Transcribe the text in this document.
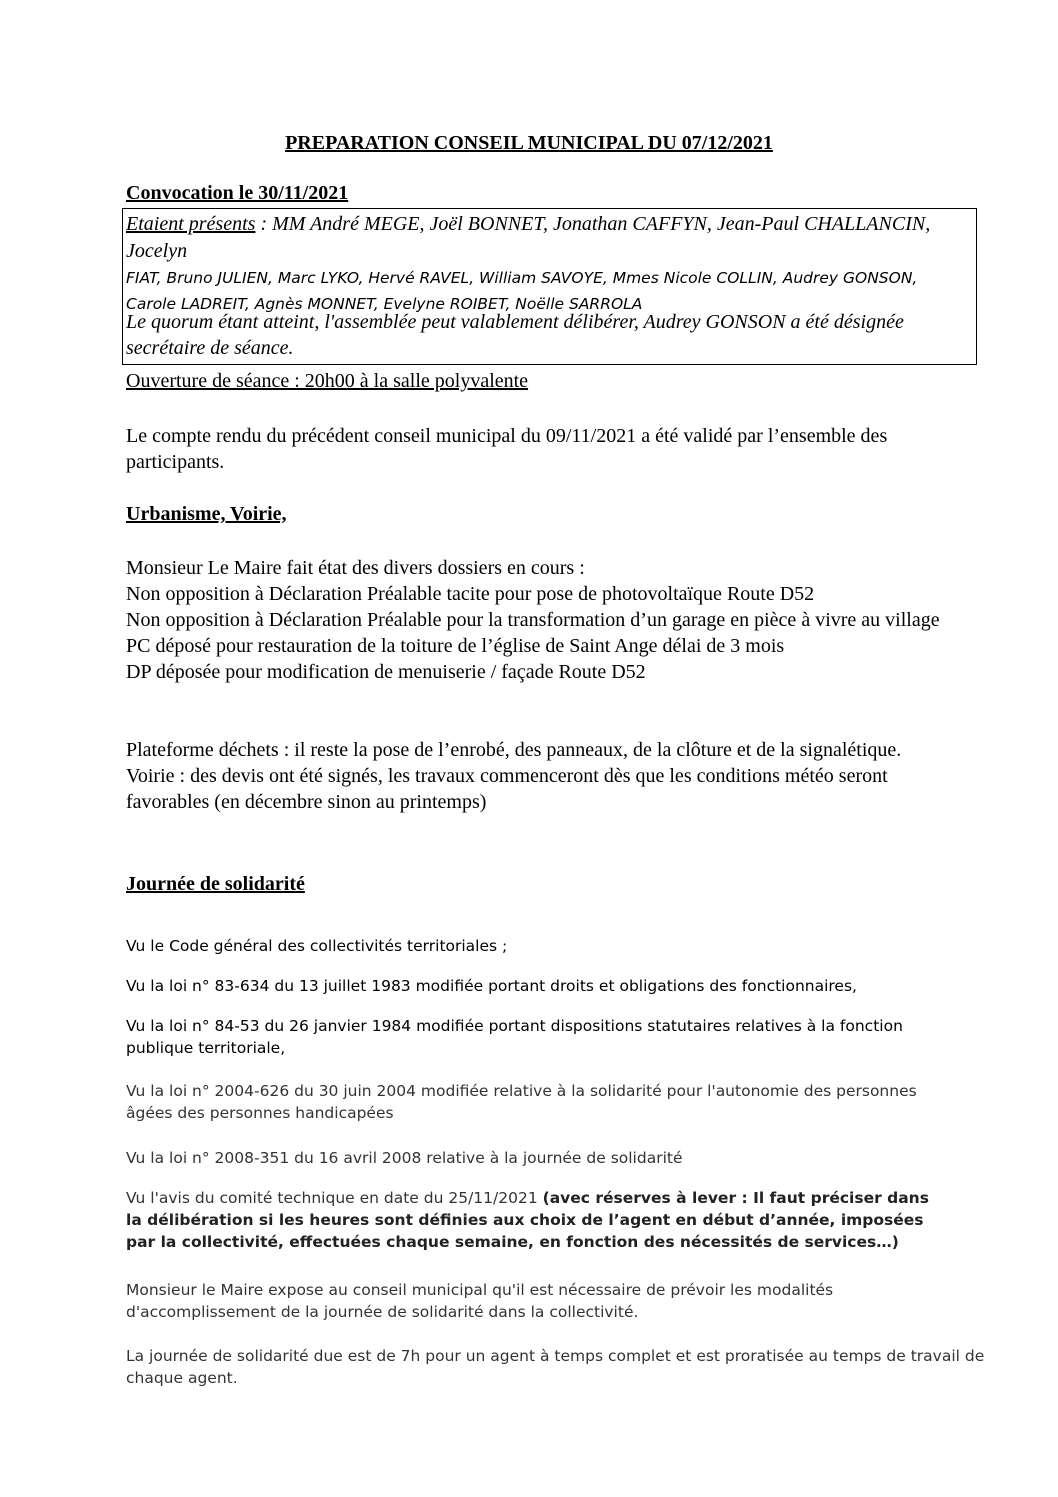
PREPARATION CONSEIL MUNICIPAL DU 07/12/2021
Convocation le 30/11/2021
Etaient présents : MM André MEGE, Joël BONNET, Jonathan CAFFYN, Jean-Paul CHALLANCIN, Jocelyn
FIAT, Bruno JULIEN, Marc LYKO, Hervé RAVEL, William SAVOYE, Mmes Nicole COLLIN, Audrey GONSON,
Carole LADREIT, Agnès MONNET, Evelyne ROIBET, Noëlle SARROLA
Le quorum étant atteint, l'assemblée peut valablement délibérer, Audrey GONSON a été désignée secrétaire de séance.
Ouverture de séance : 20h00 à la salle polyvalente
Le compte rendu du précédent conseil municipal du 09/11/2021 a été validé par l’ensemble des participants.
Urbanisme, Voirie,
Monsieur Le Maire fait état des divers dossiers en cours :
Non opposition à Déclaration Préalable tacite pour pose de photovoltaïque Route D52
Non opposition à Déclaration Préalable pour la transformation d’un garage en pièce à vivre au village
PC déposé pour restauration de la toiture de l’église de Saint Ange délai de 3 mois
DP déposée pour modification de menuiserie / façade Route D52
Plateforme déchets : il reste la pose de l’enrobé, des panneaux, de la clôture et de la signalétique.
Voirie : des devis ont été signés, les travaux commenceront dès que les conditions météo seront favorables (en décembre sinon au printemps)
Journée de solidarité
Vu le Code général des collectivités territoriales ;
Vu la loi n° 83-634 du 13 juillet 1983 modifiée portant droits et obligations des fonctionnaires,
Vu la loi n° 84-53 du 26 janvier 1984 modifiée portant dispositions statutaires relatives à la fonction publique territoriale,
Vu la loi n° 2004-626 du 30 juin 2004 modifiée relative à la solidarité pour l'autonomie des personnes âgées des personnes handicapées
Vu la loi n° 2008-351 du 16 avril 2008 relative à la journée de solidarité
Vu l'avis du comité technique en date du 25/11/2021 (avec réserves à lever : Il faut préciser dans la délibération si les heures sont définies aux choix de l’agent en début d’année, imposées par la collectivité, effectuées chaque semaine, en fonction des nécessités de services…)
Monsieur le Maire expose au conseil municipal qu'il est nécessaire de prévoir les modalités d'accomplissement de la journée de solidarité dans la collectivité.
La journée de solidarité due est de 7h pour un agent à temps complet et est proratisée au temps de travail de chaque agent.
